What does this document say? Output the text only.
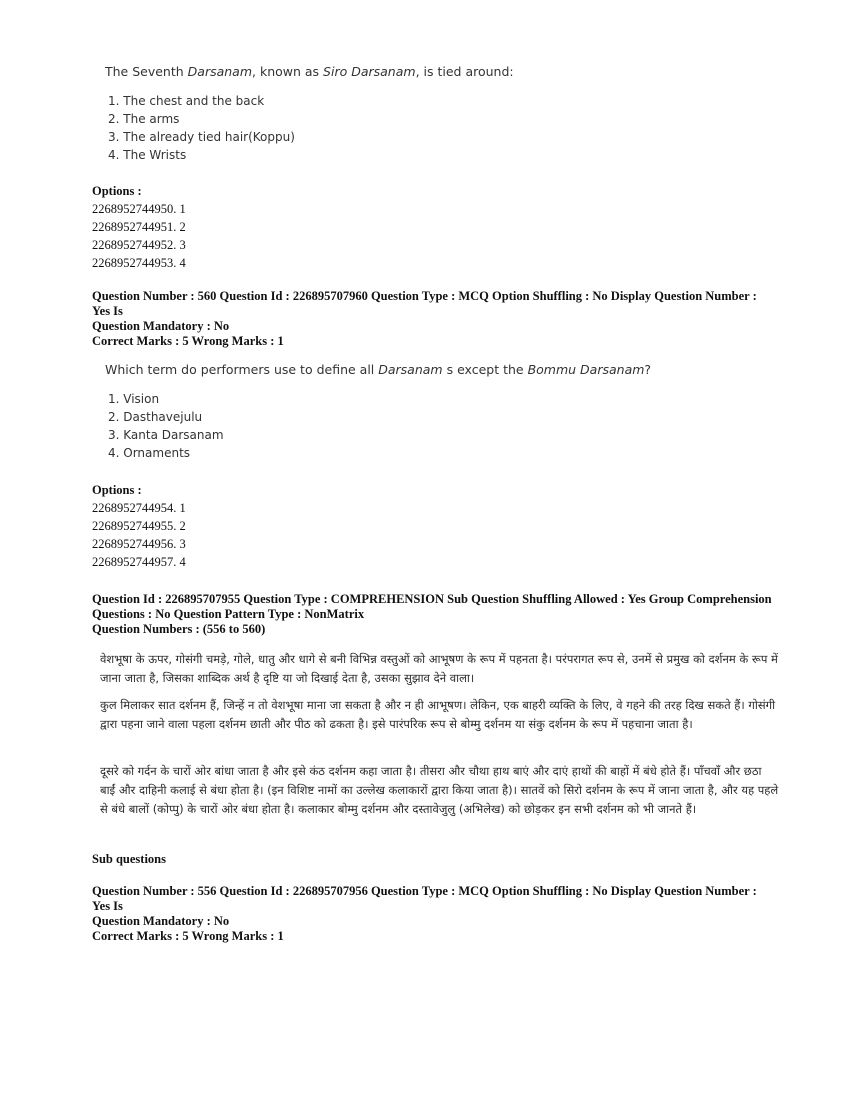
The Seventh Darsanam, known as Siro Darsanam, is tied around:
1. The chest and the back
2. The arms
3. The already tied hair(Koppu)
4. The Wrists
Options :
2268952744950. 1
2268952744951. 2
2268952744952. 3
2268952744953. 4
Question Number : 560 Question Id : 226895707960 Question Type : MCQ Option Shuffling : No Display Question Number : Yes Is
Question Mandatory : No
Correct Marks : 5 Wrong Marks : 1
Which term do performers use to define all Darsanam s except the Bommu Darsanam?
1. Vision
2. Dasthavejulu
3. Kanta Darsanam
4. Ornaments
Options :
2268952744954. 1
2268952744955. 2
2268952744956. 3
2268952744957. 4
Question Id : 226895707955 Question Type : COMPREHENSION Sub Question Shuffling Allowed : Yes Group Comprehension
Questions : No Question Pattern Type : NonMatrix
Question Numbers : (556 to 560)
वेशभूषा के ऊपर, गोसंगी चमड़े, गोले, धातु और धागे से बनी विभिन्न वस्तुओं को आभूषण के रूप में पहनता है। परंपरागत रूप से, उनमें से प्रमुख को दर्शनम के रूप में जाना जाता है, जिसका शाब्दिक अर्थ है दृष्टि या जो दिखाई देता है, उसका सुझाव देने वाला।
कुल मिलाकर सात दर्शनम हैं, जिन्हें न तो वेशभूषा माना जा सकता है और न ही आभूषण। लेकिन, एक बाहरी व्यक्ति के लिए, वे गहने की तरह दिख सकते हैं। गोसंगी द्वारा पहना जाने वाला पहला दर्शनम छाती और पीठ को ढकता है। इसे पारंपरिक रूप से बोम्मु दर्शनम या संकु दर्शनम के रूप में पहचाना जाता है।
दूसरे को गर्दन के चारों ओर बांधा जाता है और इसे कंठ दर्शनम कहा जाता है। तीसरा और चौथा हाथ बाएं और दाएं हाथों की बाहों में बंधे होते हैं। पाँचवाँ और छठा बाईं और दाहिनी कलाई से बंधा होता है। (इन विशिष्ट नामों का उल्लेख कलाकारों द्वारा किया जाता है)। सातवें को सिरो दर्शनम के रूप में जाना जाता है, और यह पहले से बंधे बालों (कोप्पु) के चारों ओर बंधा होता है। कलाकार बोम्मु दर्शनम और दस्तावेजुलु (अभिलेख) को छोड़कर इन सभी दर्शनम को भी जानते हैं।
Sub questions
Question Number : 556 Question Id : 226895707956 Question Type : MCQ Option Shuffling : No Display Question Number : Yes Is
Question Mandatory : No
Correct Marks : 5 Wrong Marks : 1
